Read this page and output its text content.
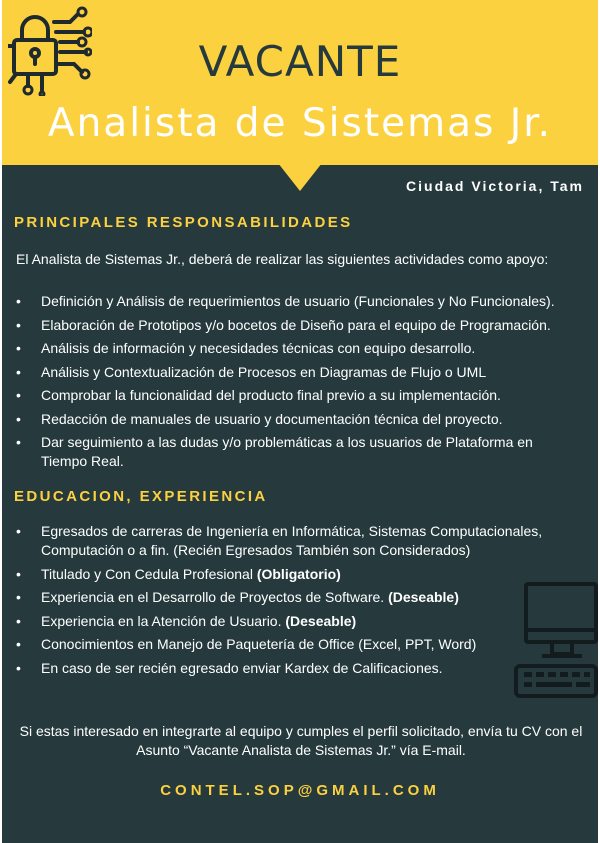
VACANTE
Analista de Sistemas Jr.
Ciudad Victoria, Tam
PRINCIPALES RESPONSABILIDADES
El Analista de Sistemas Jr., deberá de realizar las siguientes actividades como apoyo:
• Definición y Análisis de requerimientos de usuario (Funcionales y No Funcionales).
• Elaboración de Prototipos y/o bocetos de Diseño para el equipo de Programación.
• Análisis de información y necesidades técnicas con equipo desarrollo.
• Análisis y Contextualización de Procesos en Diagramas de Flujo o UML
• Comprobar la funcionalidad del producto final previo a su implementación.
• Redacción de manuales de usuario y documentación técnica del proyecto.
• Dar seguimiento a las dudas y/o problemáticas a los usuarios de Plataforma en Tiempo Real.
EDUCACION, EXPERIENCIA
• Egresados de carreras de Ingeniería en Informática, Sistemas Computacionales, Computación o a fin. (Recién Egresados También son Considerados)
• Titulado y Con Cedula Profesional (Obligatorio)
• Experiencia en el Desarrollo de Proyectos de Software. (Deseable)
• Experiencia en la Atención de Usuario. (Deseable)
• Conocimientos en Manejo de Paquetería de Office (Excel, PPT, Word)
• En caso de ser recién egresado enviar Kardex de Calificaciones.
Si estas interesado en integrarte al equipo y cumples el perfil solicitado, envía tu CV con el Asunto “Vacante Analista de Sistemas Jr.” vía E-mail.
CONTEL.SOP@GMAIL.COM
